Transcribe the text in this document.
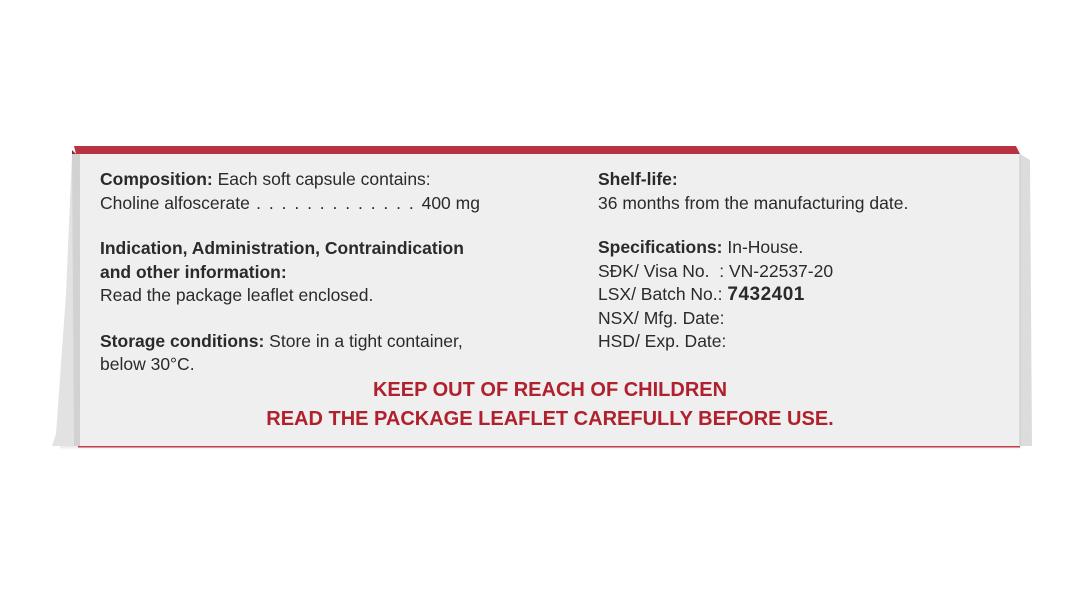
Composition: Each soft capsule contains:
Choline alfoscerate . . . . . . . . . . . . . 400 mg
Indication, Administration, Contraindication
and other information:
Read the package leaflet enclosed.
Storage conditions: Store in a tight container,
below 30°C.
Shelf-life:
36 months from the manufacturing date.
Specifications: In-House.
SĐK/ Visa No.  : VN-22537-20
LSX/ Batch No.: 7432401
NSX/ Mfg. Date:
HSD/ Exp. Date:
KEEP OUT OF REACH OF CHILDREN
READ THE PACKAGE LEAFLET CAREFULLY BEFORE USE.
